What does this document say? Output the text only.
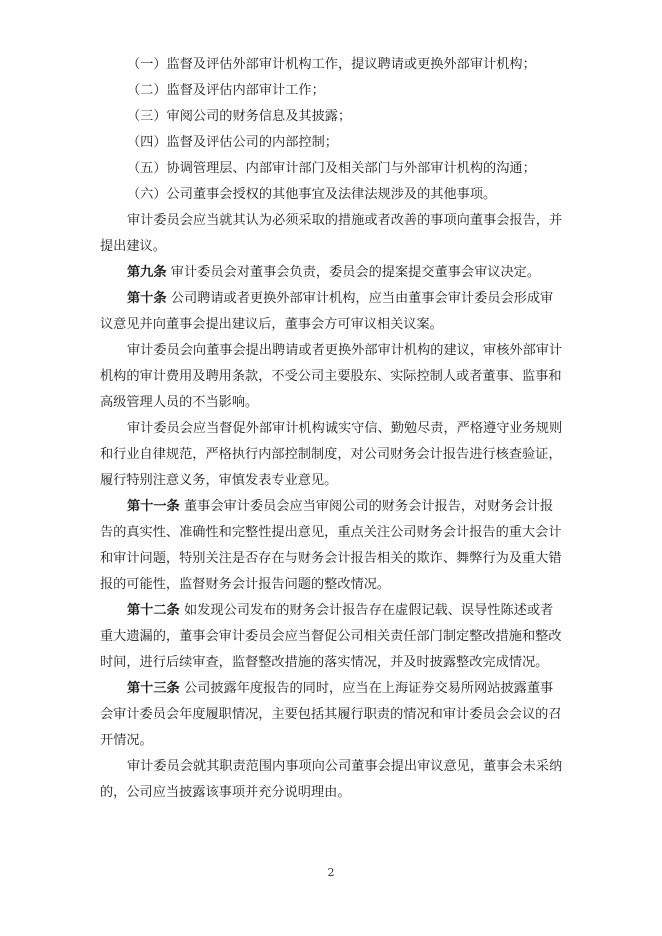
（一）监督及评估外部审计机构工作，提议聘请或更换外部审计机构；
（二）监督及评估内部审计工作；
（三）审阅公司的财务信息及其披露；
（四）监督及评估公司的内部控制；
（五）协调管理层、内部审计部门及相关部门与外部审计机构的沟通；
（六）公司董事会授权的其他事宜及法律法规涉及的其他事项。
审计委员会应当就其认为必须采取的措施或者改善的事项向董事会报告，并
提出建议。
第九条 审计委员会对董事会负责，委员会的提案提交董事会审议决定。
第十条 公司聘请或者更换外部审计机构，应当由董事会审计委员会形成审
议意见并向董事会提出建议后，董事会方可审议相关议案。
审计委员会向董事会提出聘请或者更换外部审计机构的建议，审核外部审计
机构的审计费用及聘用条款，不受公司主要股东、实际控制人或者董事、监事和
高级管理人员的不当影响。
审计委员会应当督促外部审计机构诚实守信、勤勉尽责，严格遵守业务规则
和行业自律规范，严格执行内部控制制度，对公司财务会计报告进行核查验证，
履行特别注意义务，审慎发表专业意见。
第十一条 董事会审计委员会应当审阅公司的财务会计报告，对财务会计报
告的真实性、准确性和完整性提出意见，重点关注公司财务会计报告的重大会计
和审计问题，特别关注是否存在与财务会计报告相关的欺诈、舞弊行为及重大错
报的可能性，监督财务会计报告问题的整改情况。
第十二条 如发现公司发布的财务会计报告存在虚假记载、误导性陈述或者
重大遗漏的，董事会审计委员会应当督促公司相关责任部门制定整改措施和整改
时间，进行后续审查，监督整改措施的落实情况，并及时披露整改完成情况。
第十三条 公司披露年度报告的同时，应当在上海证券交易所网站披露董事
会审计委员会年度履职情况，主要包括其履行职责的情况和审计委员会会议的召
开情况。
审计委员会就其职责范围内事项向公司董事会提出审议意见，董事会未采纳
的，公司应当披露该事项并充分说明理由。
2
